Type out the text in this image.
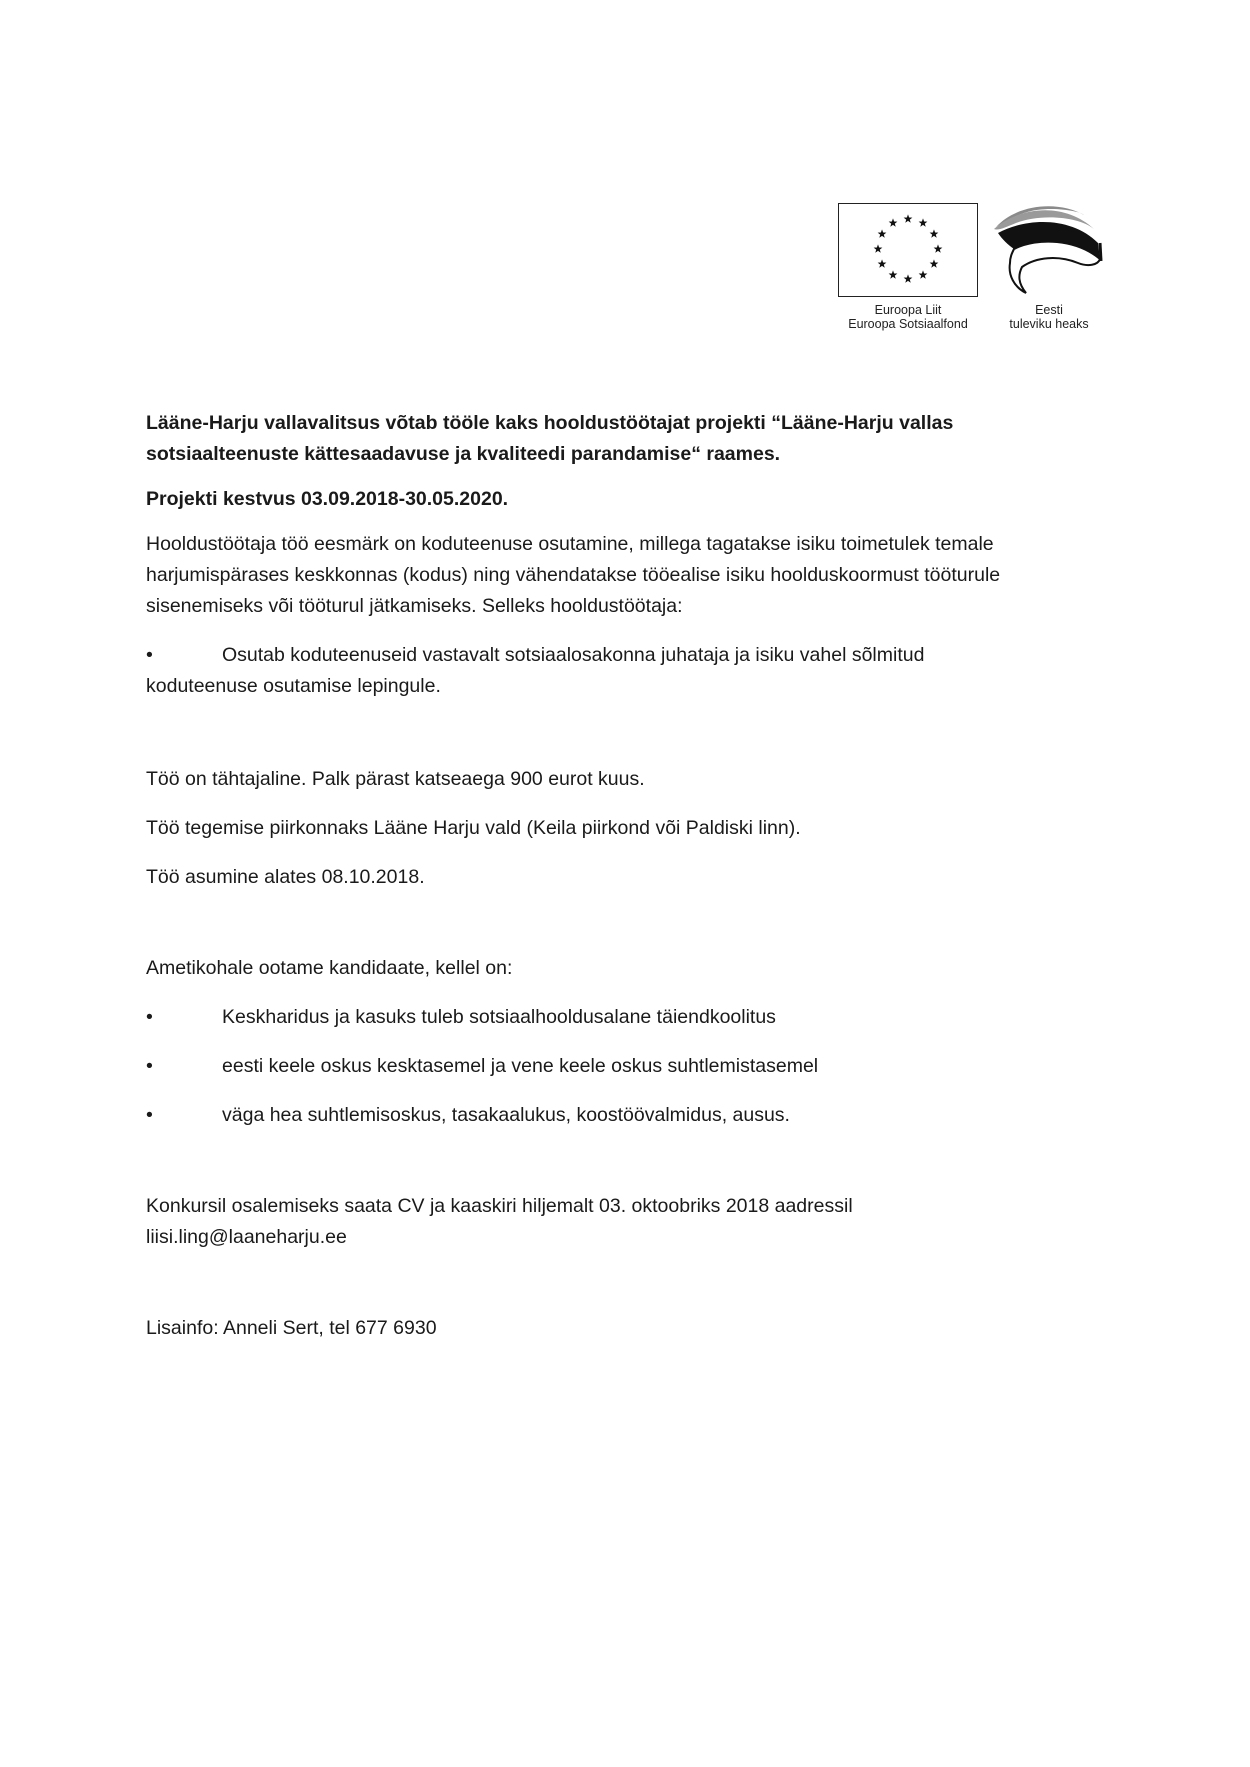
Euroopa Liit
Euroopa Sotsiaalfond
Eesti
tuleviku heaks

Lääne-Harju vallavalitsus võtab tööle kaks hooldustöötajat projekti “Lääne-Harju vallas sotsiaalteenuste kättesaadavuse ja kvaliteedi parandamise“ raames.

Projekti kestvus 03.09.2018-30.05.2020.

Hooldustöötaja töö eesmärk on koduteenuse osutamine, millega tagatakse isiku toimetulek temale harjumispärases keskkonnas (kodus) ning vähendatakse tööealise isiku hoolduskoormust tööturule sisenemiseks või tööturul jätkamiseks. Selleks hooldustöötaja:

•	Osutab koduteenuseid vastavalt sotsiaalosakonna juhataja ja isiku vahel sõlmitud
koduteenuse osutamise lepingule.

Töö on tähtajaline. Palk pärast katseaega 900 eurot kuus.

Töö tegemise piirkonnaks Lääne Harju vald (Keila piirkond või Paldiski linn).

Töö asumine alates 08.10.2018.

Ametikohale ootame kandidaate, kellel on:

•	Keskharidus ja kasuks tuleb sotsiaalhooldusalane täiendkoolitus
•	eesti keele oskus kesktasemel ja vene keele oskus suhtlemistasemel
•	väga hea suhtlemisoskus, tasakaalukus, koostöövalmidus, ausus.

Konkursil osalemiseks saata CV ja kaaskiri hiljemalt 03. oktoobriks 2018 aadressil

liisi.ling@laaneharju.ee

Lisainfo: Anneli Sert, tel 677 6930
